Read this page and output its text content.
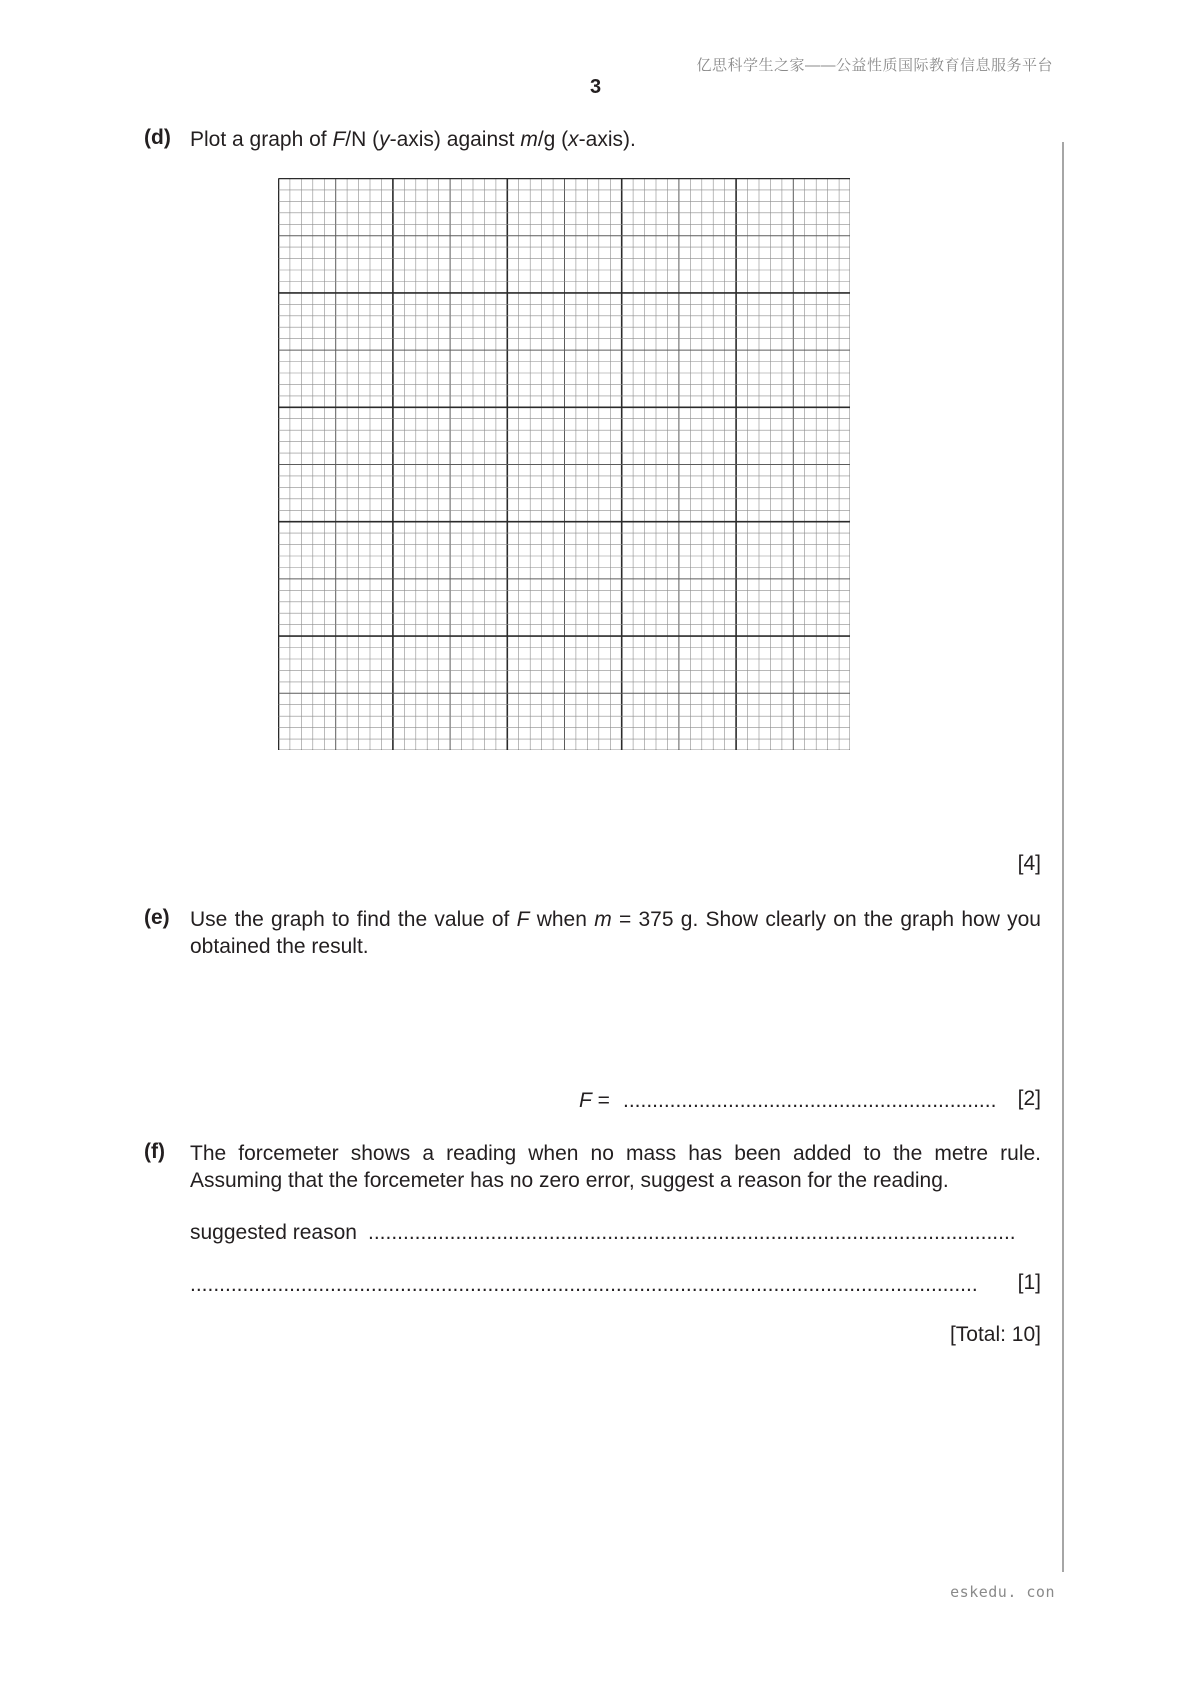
亿思科学生之家——公益性质国际教育信息服务平台
3
(d) Plot a graph of F/N (y-axis) against m/g (x-axis).
[4]
(e) Use the graph to find the value of F when m = 375 g. Show clearly on the graph how you
obtained the result.
F = ................................................................	[2]
(f) The forcemeter shows a reading when no mass has been added to the metre rule.
Assuming that the forcemeter has no zero error, suggest a reason for the reading.
suggested reason ...............................................................................................................
.......................................................................................................................................	[1]
[Total: 10]
eskedu. con
